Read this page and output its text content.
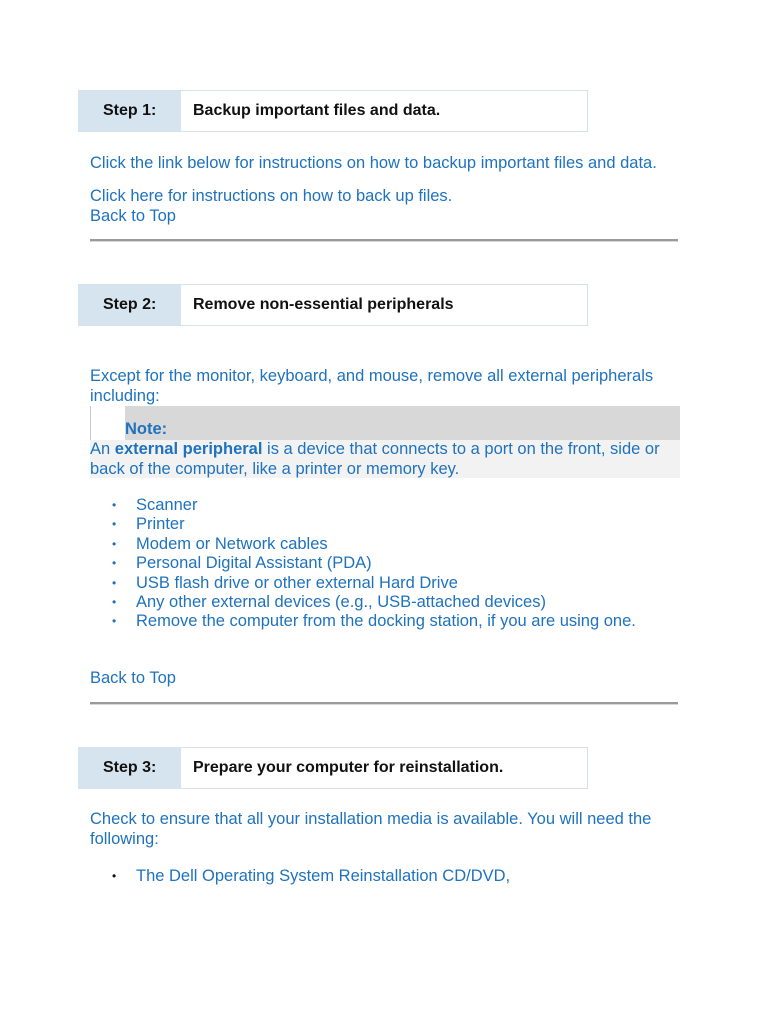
Step 1:	Backup important files and data.

Click the link below for instructions on how to backup important files and data.

Click here for instructions on how to back up files.

Back to Top

Step 2:	Remove non-essential peripherals

Except for the monitor, keyboard, and mouse, remove all external peripherals including:

Note:
An external peripheral is a device that connects to a port on the front, side or back of the computer, like a printer or memory key.
• Scanner
• Printer
• Modem or Network cables
• Personal Digital Assistant (PDA)
• USB flash drive or other external Hard Drive
• Any other external devices (e.g., USB-attached devices)
• Remove the computer from the docking station, if you are using one.

Back to Top

Step 3:	Prepare your computer for reinstallation.

Check to ensure that all your installation media is available. You will need the following:

• The Dell Operating System Reinstallation CD/DVD,
